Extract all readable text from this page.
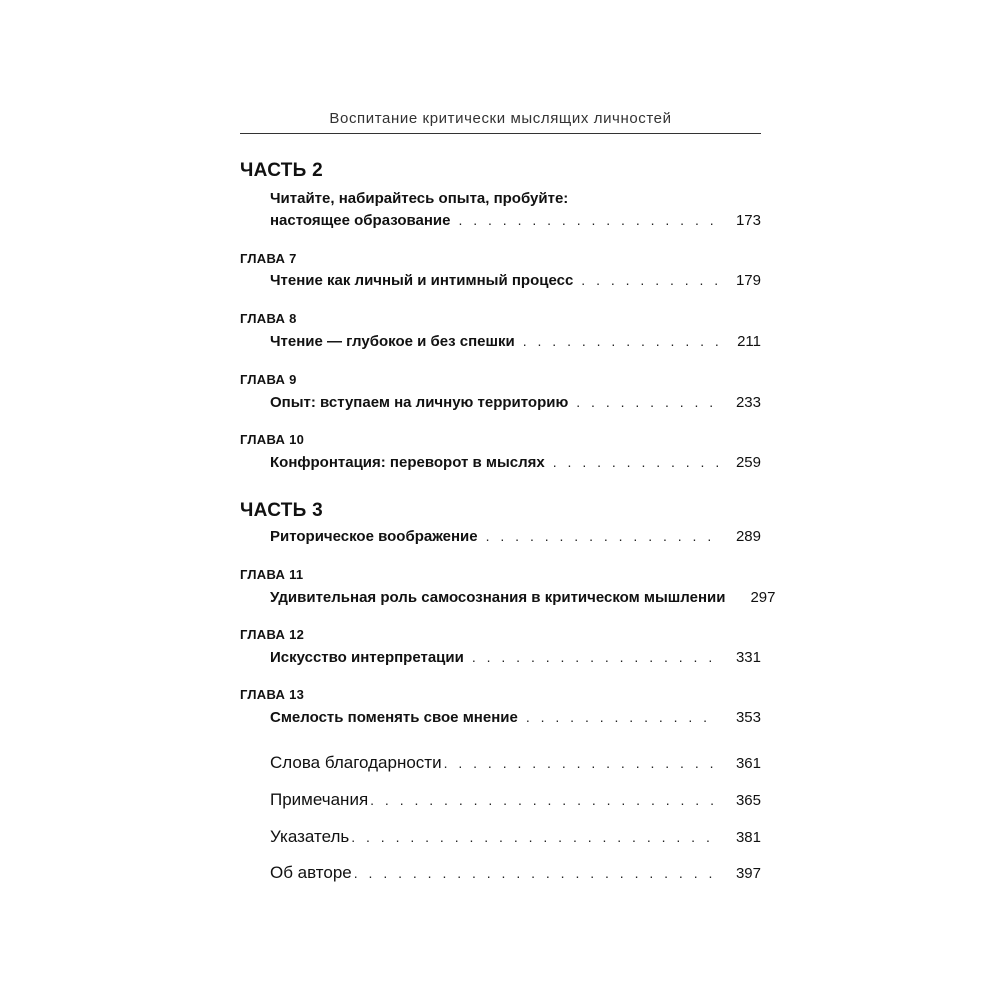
Воспитание критически мыслящих личностей
ЧАСТЬ 2
Читайте, набирайтесь опыта, пробуйте:
настоящее образование . . .	173
ГЛАВА 7
Чтение как личный и интимный процесс . . .	179
ГЛАВА 8
Чтение — глубокое и без спешки . . .	211
ГЛАВА 9
Опыт: вступаем на личную территорию . . .	233
ГЛАВА 10
Конфронтация: переворот в мыслях . . .	259
ЧАСТЬ 3
Риторическое воображение . . .	289
ГЛАВА 11
Удивительная роль самосознания в критическом мышлении	297
ГЛАВА 12
Искусство интерпретации . . .	331
ГЛАВА 13
Смелость поменять свое мнение . . .	353
Слова благодарности . . .	361
Примечания . . .	365
Указатель . . .	381
Об авторе . . .	397
